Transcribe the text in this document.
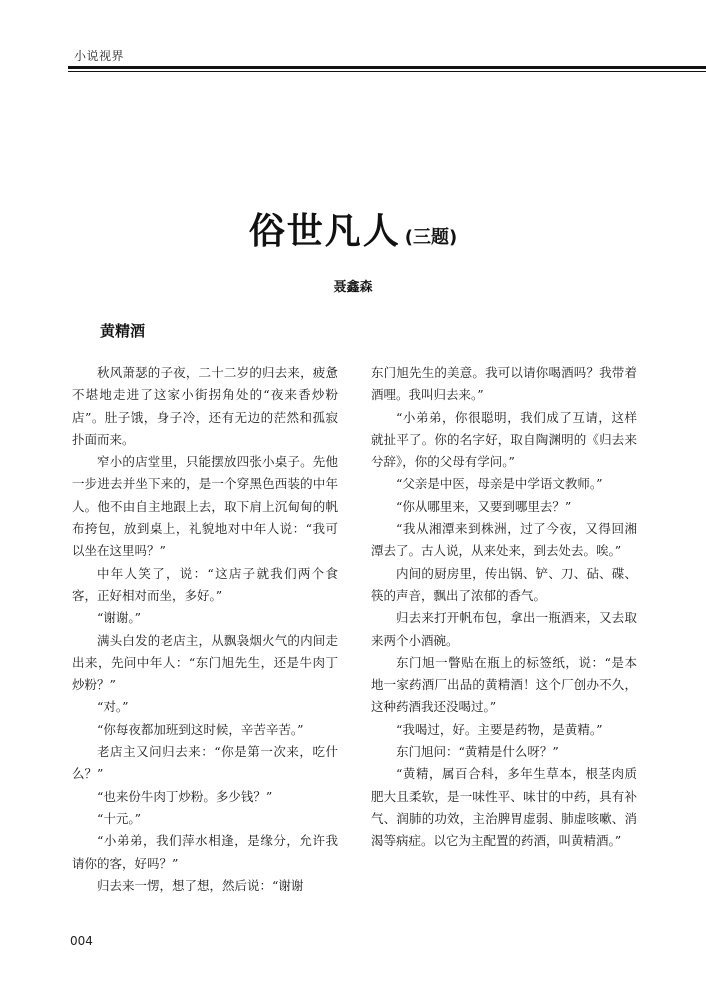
小说视界
俗世凡人 (三题)
聂鑫森
黄精酒

秋风萧瑟的子夜，二十二岁的归去来，疲惫不堪地走进了这家小街拐角处的“夜来香炒粉店”。肚子饿，身子冷，还有无边的茫然和孤寂扑面而来。

窄小的店堂里，只能摆放四张小桌子。先他一步进去并坐下来的，是一个穿黑色西装的中年人。他不由自主地跟上去，取下肩上沉甸甸的帆布挎包，放到桌上，礼貌地对中年人说：“我可以坐在这里吗？”

中年人笑了，说：“这店子就我们两个食客，正好相对而坐，多好。”

“谢谢。”

满头白发的老店主，从飘袅烟火气的内间走出来，先问中年人：“东门旭先生，还是牛肉丁炒粉？”

“对。”

“你每夜都加班到这时候，辛苦辛苦。”

老店主又问归去来：“你是第一次来，吃什么？”

“也来份牛肉丁炒粉。多少钱？”

“十元。”

“小弟弟，我们萍水相逢，是缘分，允许我请你的客，好吗？”

归去来一愣，想了想，然后说：“谢谢

东门旭先生的美意。我可以请你喝酒吗？我带着酒哩。我叫归去来。”

“小弟弟，你很聪明，我们成了互请，这样就扯平了。你的名字好，取自陶渊明的《归去来兮辞》，你的父母有学问。”

“父亲是中医，母亲是中学语文教师。”

“你从哪里来，又要到哪里去？”

“我从湘潭来到株洲，过了今夜，又得回湘潭去了。古人说，从来处来，到去处去。唉。”

内间的厨房里，传出锅、铲、刀、砧、碟、筷的声音，飘出了浓郁的香气。

归去来打开帆布包，拿出一瓶酒来，又去取来两个小酒碗。

东门旭一瞥贴在瓶上的标签纸，说：“是本地一家药酒厂出品的黄精酒！这个厂创办不久，这种药酒我还没喝过。”

“我喝过，好。主要是药物，是黄精。”

东门旭问：“黄精是什么呀？”

“黄精，属百合科，多年生草本，根茎肉质肥大且柔软，是一味性平、味甘的中药，具有补气、润肺的功效，主治脾胃虚弱、肺虚咳嗽、消渴等病症。以它为主配置的药酒，叫黄精酒。”

004
